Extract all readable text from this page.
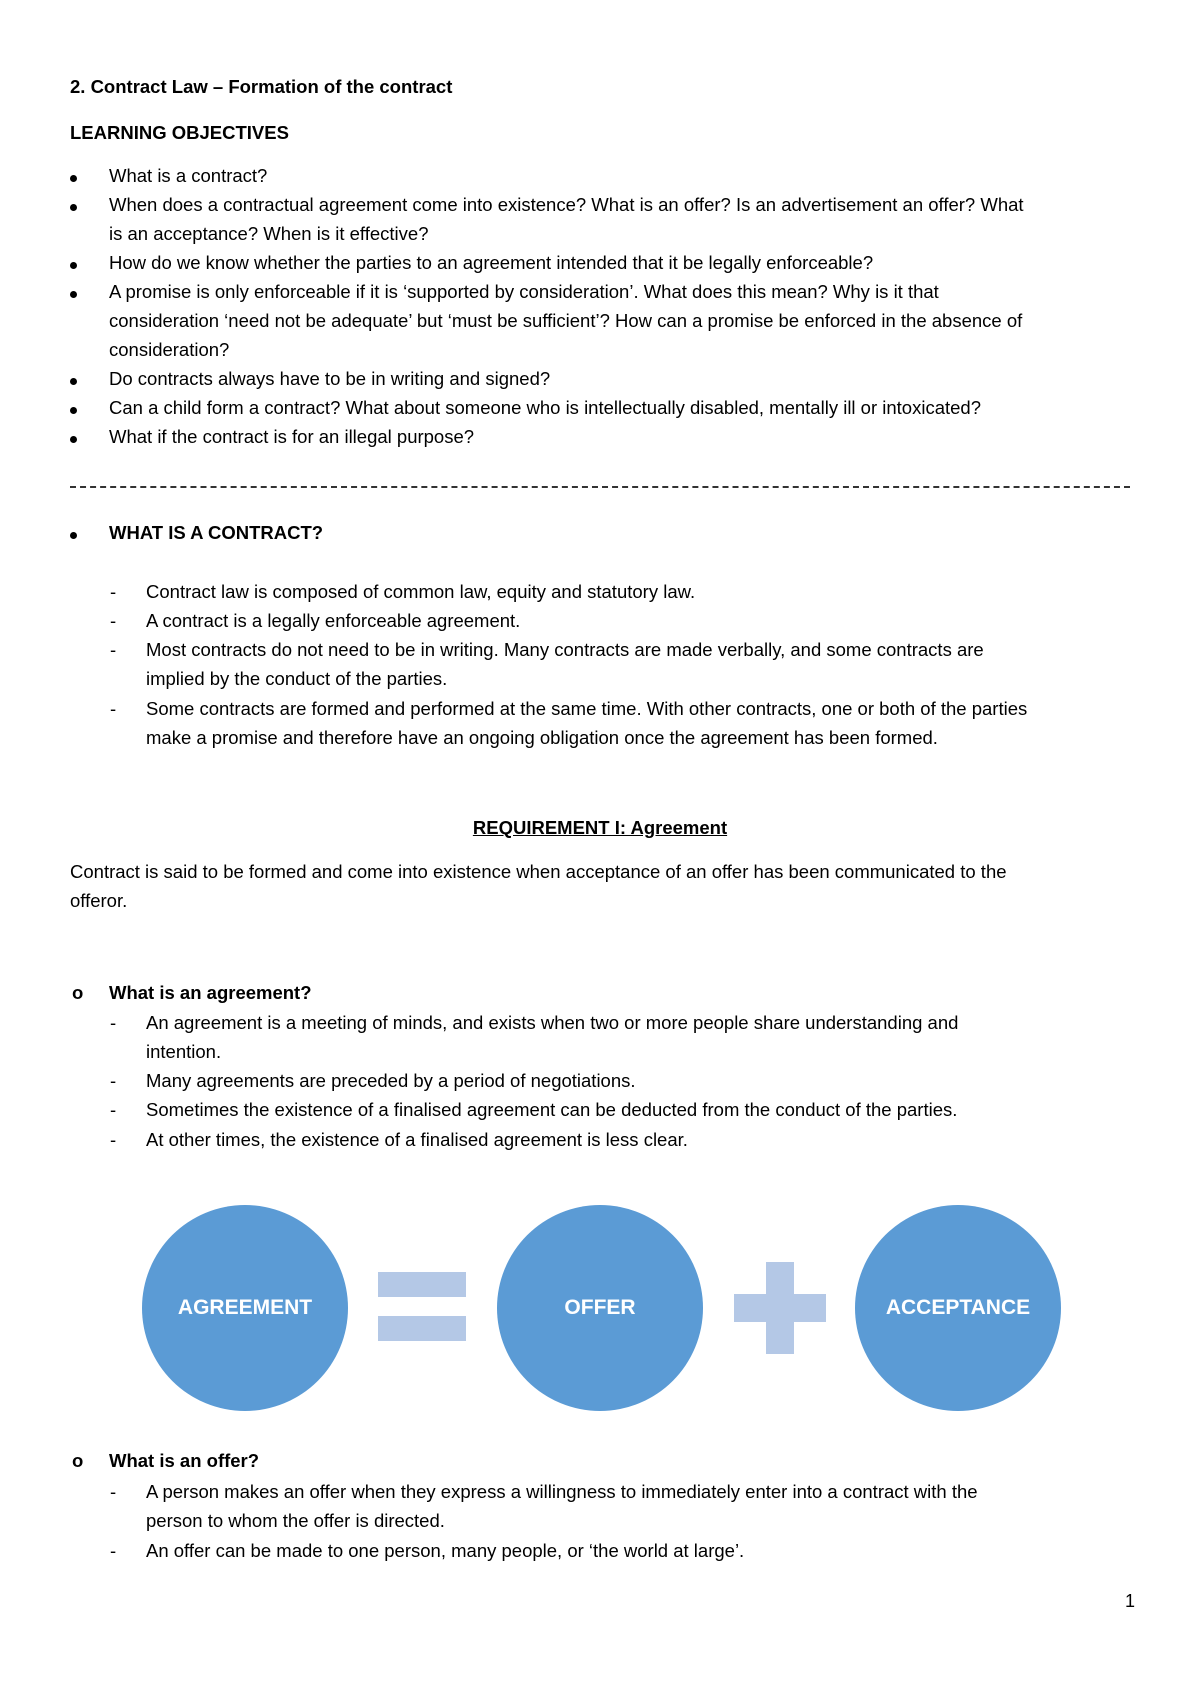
2. Contract Law – Formation of the contract
LEARNING OBJECTIVES
What is a contract?
When does a contractual agreement come into existence? What is an offer? Is an advertisement an offer? What
is an acceptance? When is it effective?
How do we know whether the parties to an agreement intended that it be legally enforceable?
A promise is only enforceable if it is ‘supported by consideration’. What does this mean? Why is it that
consideration ‘need not be adequate’ but ‘must be sufficient’? How can a promise be enforced in the absence of
consideration?
Do contracts always have to be in writing and signed?
Can a child form a contract? What about someone who is intellectually disabled, mentally ill or intoxicated?
What if the contract is for an illegal purpose?
WHAT IS A CONTRACT?
- Contract law is composed of common law, equity and statutory law.
- A contract is a legally enforceable agreement.
- Most contracts do not need to be in writing. Many contracts are made verbally, and some contracts are
implied by the conduct of the parties.
- Some contracts are formed and performed at the same time. With other contracts, one or both of the parties
make a promise and therefore have an ongoing obligation once the agreement has been formed.
REQUIREMENT I: Agreement
Contract is said to be formed and come into existence when acceptance of an offer has been communicated to the
offeror.
o What is an agreement?
- An agreement is a meeting of minds, and exists when two or more people share understanding and
intention.
- Many agreements are preceded by a period of negotiations.
- Sometimes the existence of a finalised agreement can be deducted from the conduct of the parties.
- At other times, the existence of a finalised agreement is less clear.
AGREEMENT	OFFER	ACCEPTANCE
o What is an offer?
- A person makes an offer when they express a willingness to immediately enter into a contract with the
person to whom the offer is directed.
- An offer can be made to one person, many people, or ‘the world at large’.
1
